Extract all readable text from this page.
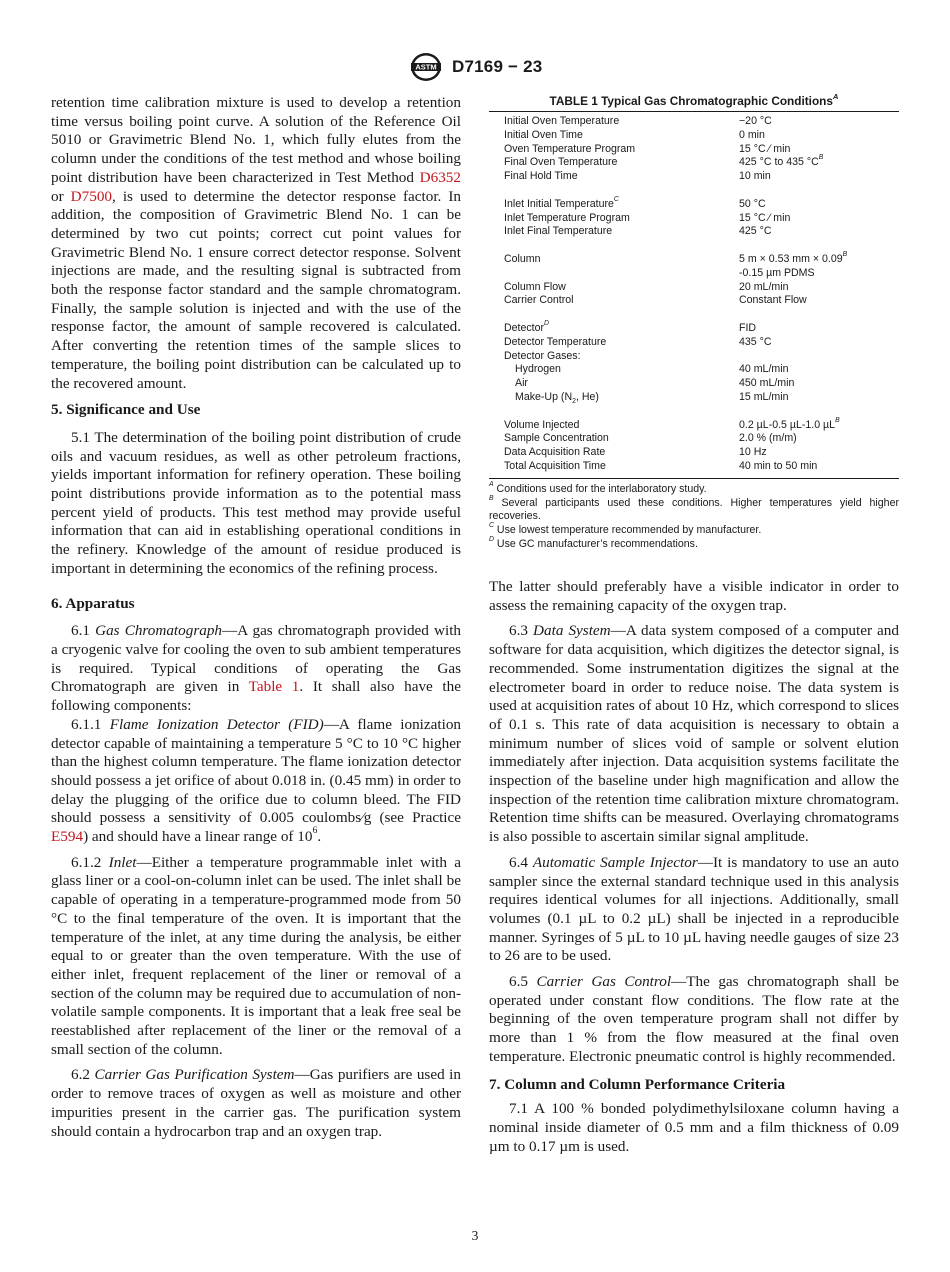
ASTM D7169 − 23

retention time calibration mixture is used to develop a retention time versus boiling point curve. A solution of the Reference Oil 5010 or Gravimetric Blend No. 1, which fully elutes from the column under the conditions of the test method and whose boiling point distribution have been characterized in Test Method D6352 or D7500, is used to determine the detector response factor. In addition, the composition of Gravimetric Blend No. 1 can be determined by two cut points; correct cut point values for Gravimetric Blend No. 1 ensure correct detector response. Solvent injections are made, and the resulting signal is subtracted from both the response factor standard and the sample chromatogram. Finally, the sample solution is injected and with the use of the response factor, the amount of sample recovered is calculated. After converting the retention times of the sample slices to temperature, the boiling point distribution can be calculated up to the recovered amount.

5. Significance and Use

5.1 The determination of the boiling point distribution of crude oils and vacuum residues, as well as other petroleum fractions, yields important information for refinery operation. These boiling point distributions provide information as to the potential mass percent yield of products. This test method may provide useful information that can aid in establishing operational conditions in the refinery. Knowledge of the amount of residue produced is important in determining the economics of the refining process.

6. Apparatus

6.1 Gas Chromatograph—A gas chromatograph provided with a cryogenic valve for cooling the oven to sub ambient temperatures is required. Typical conditions of operating the Gas Chromatograph are given in Table 1. It shall also have the following components:

6.1.1 Flame Ionization Detector (FID)—A flame ionization detector capable of maintaining a temperature 5 °C to 10 °C higher than the highest column temperature. The flame ionization detector should possess a jet orifice of about 0.018 in. (0.45 mm) in order to delay the plugging of the orifice due to column bleed. The FID should possess a sensitivity of 0.005 coulombs⁄g (see Practice E594) and should have a linear range of $10^6$.

6.1.2 Inlet—Either a temperature programmable inlet with a glass liner or a cool-on-column inlet can be used. The inlet shall be capable of operating in a temperature-programmed mode from 50 °C to the final temperature of the oven. It is important that the temperature of the inlet, at any time during the analysis, be either equal to or greater than the oven temperature. With the use of either inlet, frequent replacement of the liner or removal of a section of the column may be required due to accumulation of non-volatile sample components. It is important that a leak free seal be reestablished after replacement of the liner or the removal of a small section of the column.

6.2 Carrier Gas Purification System—Gas purifiers are used in order to remove traces of oxygen as well as moisture and other impurities present in the carrier gas. The purification system should contain a hydrocarbon trap and an oxygen trap.

TABLE 1 Typical Gas Chromatographic Conditions$^A$
Initial Oven Temperature	−20 °C
Initial Oven Time	0 min
Oven Temperature Program	15 °C ⁄ min
Final Oven Temperature	425 °C to 435 $^\circ C^B$
Final Hold Time	10 min
Inlet Initial Temperature$^C$	50 °C
Inlet Temperature Program	15 °C ⁄ min
Inlet Final Temperature	425 °C
Column	5 m × 0.53 mm × $0.09^B$
-0.15 µm PDMS
Column Flow	20 mL/min
Carrier Control	Constant Flow
Detector$^D$	FID
Detector Temperature	435 °C
Detector Gases:
Hydrogen	40 mL/min
Air	450 mL/min
Make-Up ($N_2$, He)	15 mL/min
Volume Injected	0.2 µL-0.5 µL-1.0 µL$^B$
Sample Concentration	2.0 % (m/m)
Data Acquisition Rate	10 Hz
Total Acquisition Time	40 min to 50 min
$^A$ Conditions used for the interlaboratory study.
$^B$ Several participants used these conditions. Higher temperatures yield higher recoveries.
$^C$ Use lowest temperature recommended by manufacturer.
$^D$ Use GC manufacturer’s recommendations.

The latter should preferably have a visible indicator in order to assess the remaining capacity of the oxygen trap.

6.3 Data System—A data system composed of a computer and software for data acquisition, which digitizes the detector signal, is recommended. Some instrumentation digitizes the signal at the electrometer board in order to reduce noise. The data system is used at acquisition rates of about 10 Hz, which correspond to slices of 0.1 s. This rate of data acquisition is necessary to obtain a minimum number of slices void of sample or solvent elution immediately after injection. Data acquisition systems facilitate the inspection of the baseline under high magnification and allow the inspection of the retention time calibration mixture chromatogram. Retention time shifts can be measured. Overlaying chromatograms is also possible to ascertain similar signal amplitude.

6.4 Automatic Sample Injector—It is mandatory to use an auto sampler since the external standard technique used in this analysis requires identical volumes for all injections. Additionally, small volumes (0.1 µL to 0.2 µL) shall be injected in a reproducible manner. Syringes of 5 µL to 10 µL having needle gauges of size 23 to 26 are to be used.

6.5 Carrier Gas Control—The gas chromatograph shall be operated under constant flow conditions. The flow rate at the beginning of the oven temperature program shall not differ by more than 1 % from the flow measured at the final oven temperature. Electronic pneumatic control is highly recommended.

7. Column and Column Performance Criteria

7.1 A 100 % bonded polydimethylsiloxane column having a nominal inside diameter of 0.5 mm and a film thickness of 0.09 µm to 0.17 µm is used.

3
